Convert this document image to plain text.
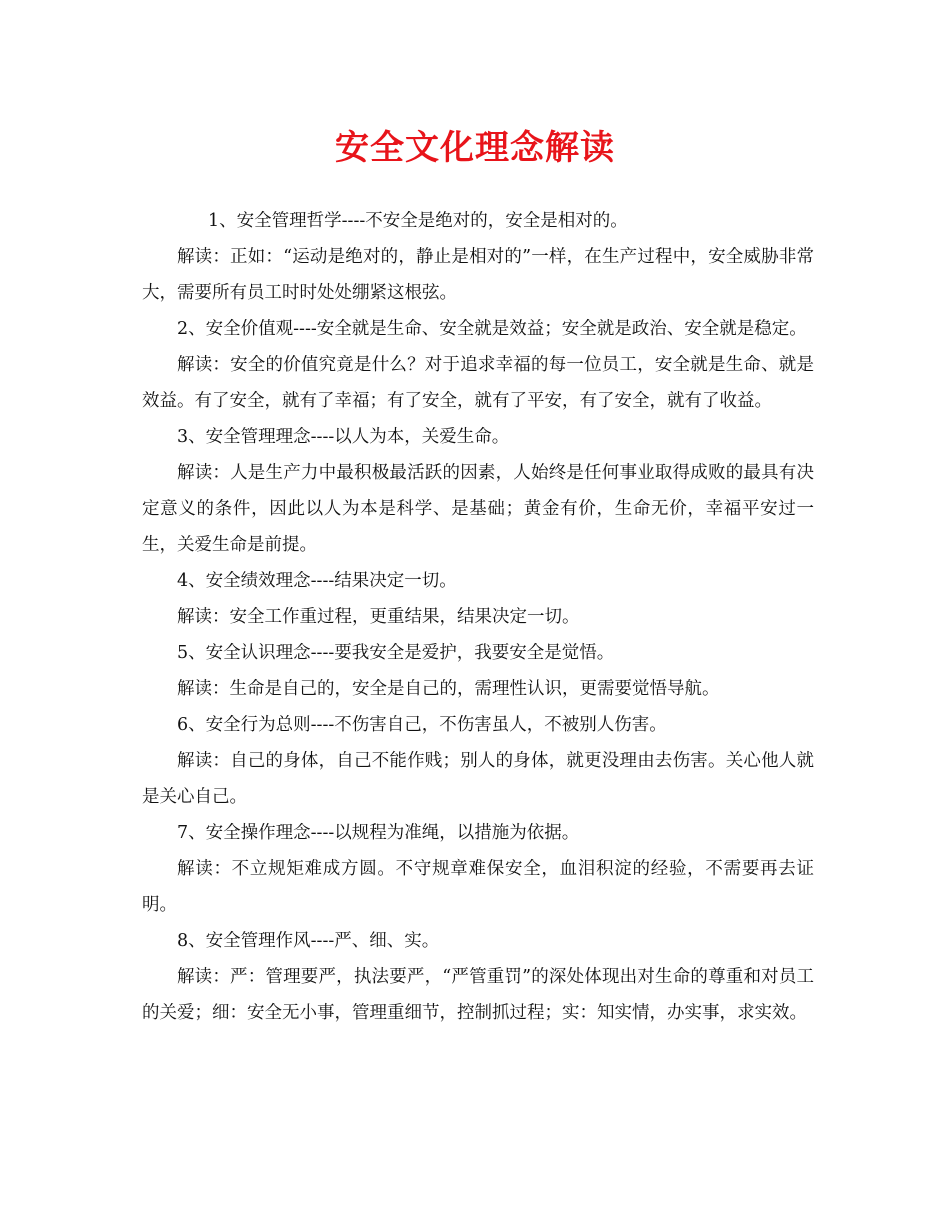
安全文化理念解读

1、安全管理哲学----不安全是绝对的，安全是相对的。

解读：正如：“运动是绝对的，静止是相对的”一样，在生产过程中，安全威胁非常大，需要所有员工时时处处绷紧这根弦。

2、安全价值观----安全就是生命、安全就是效益；安全就是政治、安全就是稳定。

解读：安全的价值究竟是什么？对于追求幸福的每一位员工，安全就是生命、就是效益。有了安全，就有了幸福；有了安全，就有了平安，有了安全，就有了收益。

3、安全管理理念----以人为本，关爱生命。

解读：人是生产力中最积极最活跃的因素，人始终是任何事业取得成败的最具有决定意义的条件，因此以人为本是科学、是基础；黄金有价，生命无价，幸福平安过一生，关爱生命是前提。

4、安全绩效理念----结果决定一切。

解读：安全工作重过程，更重结果，结果决定一切。

5、安全认识理念----要我安全是爱护，我要安全是觉悟。

解读：生命是自己的，安全是自己的，需理性认识，更需要觉悟导航。

6、安全行为总则----不伤害自己，不伤害虽人，不被别人伤害。

解读：自己的身体，自己不能作贱；别人的身体，就更没理由去伤害。关心他人就是关心自己。

7、安全操作理念----以规程为准绳，以措施为依据。

解读：不立规矩难成方圆。不守规章难保安全，血泪积淀的经验，不需要再去证明。

8、安全管理作风----严、细、实。

解读：严：管理要严，执法要严，“严管重罚”的深处体现出对生命的尊重和对员工的关爱；细：安全无小事，管理重细节，控制抓过程；实：知实情，办实事，求实效。
